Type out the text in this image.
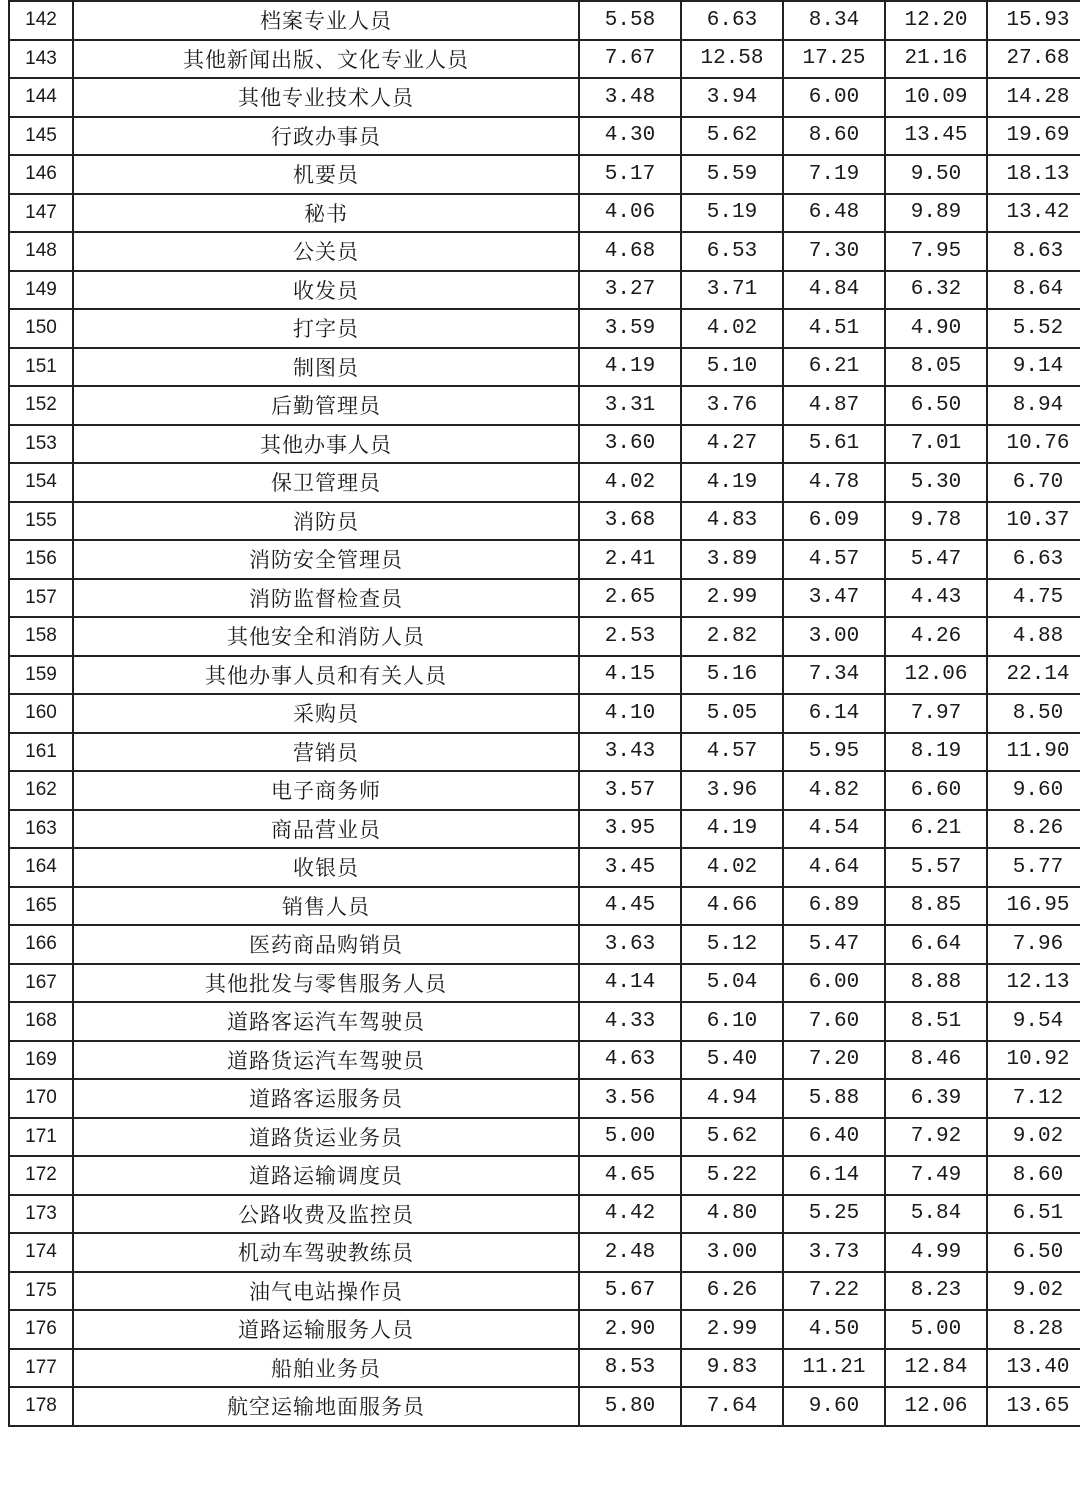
142	档案专业人员	5.58	6.63	8.34	12.20	15.93
143	其他新闻出版、文化专业人员	7.67	12.58	17.25	21.16	27.68
144	其他专业技术人员	3.48	3.94	6.00	10.09	14.28
145	行政办事员	4.30	5.62	8.60	13.45	19.69
146	机要员	5.17	5.59	7.19	9.50	18.13
147	秘书	4.06	5.19	6.48	9.89	13.42
148	公关员	4.68	6.53	7.30	7.95	8.63
149	收发员	3.27	3.71	4.84	6.32	8.64
150	打字员	3.59	4.02	4.51	4.90	5.52
151	制图员	4.19	5.10	6.21	8.05	9.14
152	后勤管理员	3.31	3.76	4.87	6.50	8.94
153	其他办事人员	3.60	4.27	5.61	7.01	10.76
154	保卫管理员	4.02	4.19	4.78	5.30	6.70
155	消防员	3.68	4.83	6.09	9.78	10.37
156	消防安全管理员	2.41	3.89	4.57	5.47	6.63
157	消防监督检查员	2.65	2.99	3.47	4.43	4.75
158	其他安全和消防人员	2.53	2.82	3.00	4.26	4.88
159	其他办事人员和有关人员	4.15	5.16	7.34	12.06	22.14
160	采购员	4.10	5.05	6.14	7.97	8.50
161	营销员	3.43	4.57	5.95	8.19	11.90
162	电子商务师	3.57	3.96	4.82	6.60	9.60
163	商品营业员	3.95	4.19	4.54	6.21	8.26
164	收银员	3.45	4.02	4.64	5.57	5.77
165	销售人员	4.45	4.66	6.89	8.85	16.95
166	医药商品购销员	3.63	5.12	5.47	6.64	7.96
167	其他批发与零售服务人员	4.14	5.04	6.00	8.88	12.13
168	道路客运汽车驾驶员	4.33	6.10	7.60	8.51	9.54
169	道路货运汽车驾驶员	4.63	5.40	7.20	8.46	10.92
170	道路客运服务员	3.56	4.94	5.88	6.39	7.12
171	道路货运业务员	5.00	5.62	6.40	7.92	9.02
172	道路运输调度员	4.65	5.22	6.14	7.49	8.60
173	公路收费及监控员	4.42	4.80	5.25	5.84	6.51
174	机动车驾驶教练员	2.48	3.00	3.73	4.99	6.50
175	油气电站操作员	5.67	6.26	7.22	8.23	9.02
176	道路运输服务人员	2.90	2.99	4.50	5.00	8.28
177	船舶业务员	8.53	9.83	11.21	12.84	13.40
178	航空运输地面服务员	5.80	7.64	9.60	12.06	13.65
